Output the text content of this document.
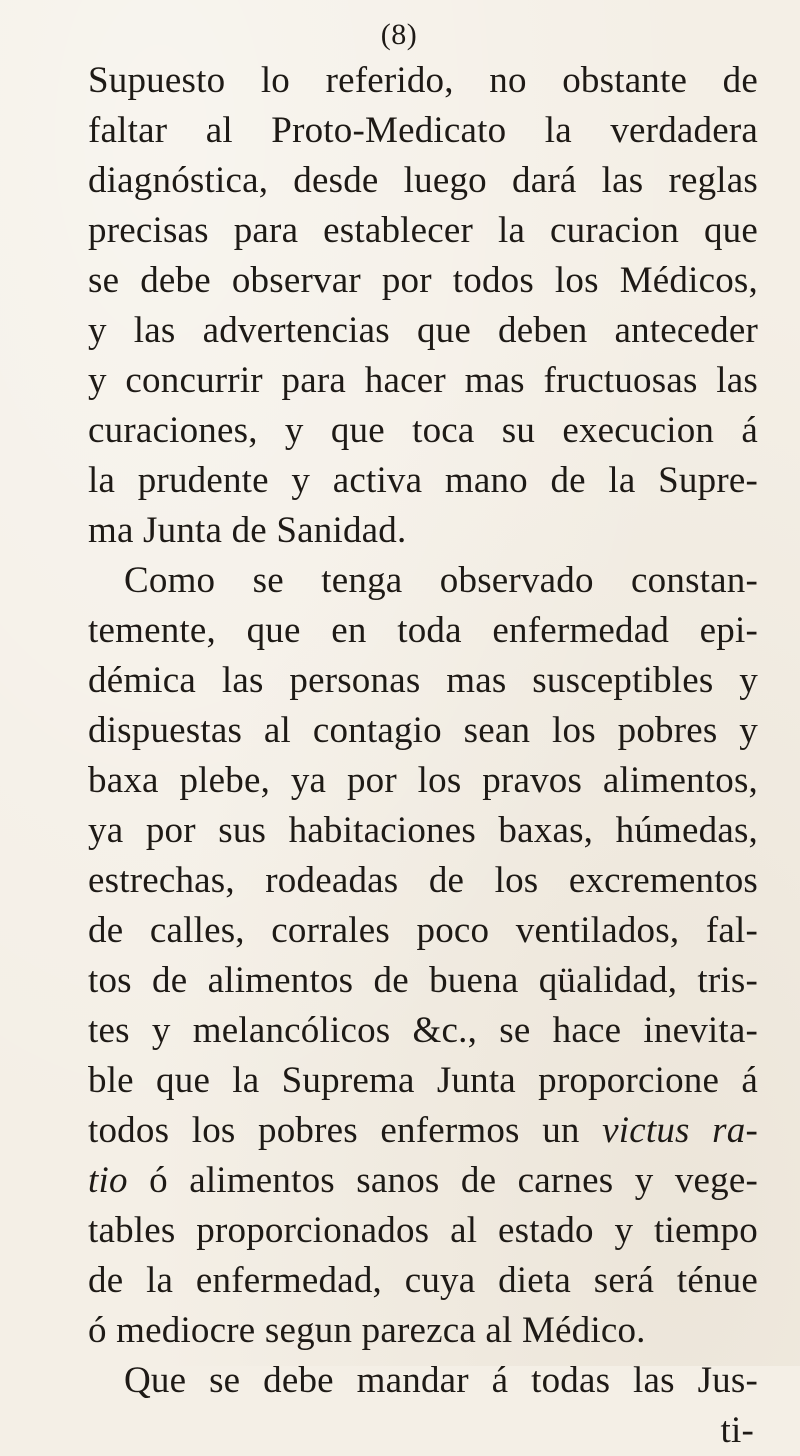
(8)
Supuesto lo referido, no obstante de
faltar al Proto-Medicato la verdadera
diagnóstica, desde luego dará las reglas
precisas para establecer la curacion que
se debe observar por todos los Médicos,
y las advertencias que deben anteceder
y concurrir para hacer mas fructuosas las
curaciones, y que toca su execucion á
la prudente y activa mano de la Supre-
ma Junta de Sanidad.
Como se tenga observado constan-
temente, que en toda enfermedad epi-
démica las personas mas susceptibles y
dispuestas al contagio sean los pobres y
baxa plebe, ya por los pravos alimentos,
ya por sus habitaciones baxas, húmedas,
estrechas, rodeadas de los excrementos
de calles, corrales poco ventilados, fal-
tos de alimentos de buena qüalidad, tris-
tes y melancólicos &c., se hace inevita-
ble que la Suprema Junta proporcione á
todos los pobres enfermos un victus ra-
tio ó alimentos sanos de carnes y vege-
tables proporcionados al estado y tiempo
de la enfermedad, cuya dieta será ténue
ó mediocre segun parezca al Médico.
Que se debe mandar á todas las Jus-
ti-
